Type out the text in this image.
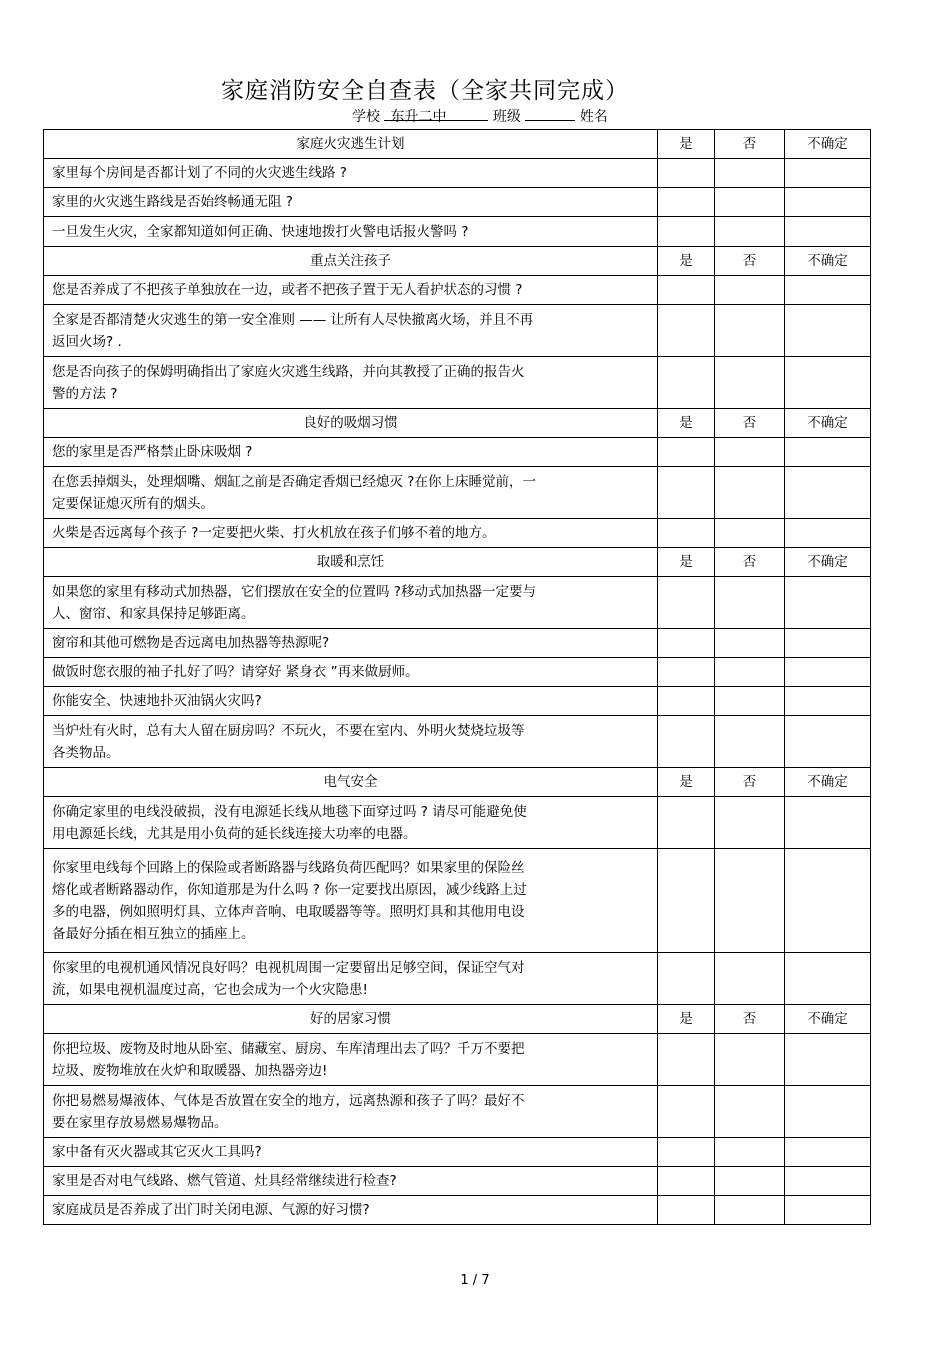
家庭消防安全自查表（全家共同完成）
学校 东升二中	班级	姓名
家庭火灾逃生计划	是	否	不确定
家里每个房间是否都计划了不同的火灾逃生线路 ?			
家里的火灾逃生路线是否始终畅通无阻 ?			
一旦发生火灾，全家都知道如何正确、快速地拨打火警电话报火警吗 ?			
重点关注孩子	是	否	不确定
您是否养成了不把孩子单独放在一边，或者不把孩子置于无人看护状态的习惯 ?			
全家是否都清楚火灾逃生的第一安全准则 —— 让所有人尽快撤离火场，并且不再
返回火场? .			
您是否向孩子的保姆明确指出了家庭火灾逃生线路，并向其教授了正确的报告火
警的方法 ?			
良好的吸烟习惯	是	否	不确定
您的家里是否严格禁止卧床吸烟 ?			
在您丢掉烟头，处理烟嘴、烟缸之前是否确定香烟已经熄灭 ?在你上床睡觉前，一
定要保证熄灭所有的烟头。			
火柴是否远离每个孩子 ?一定要把火柴、打火机放在孩子们够不着的地方。			
取暖和烹饪	是	否	不确定
如果您的家里有移动式加热器，它们摆放在安全的位置吗 ?移动式加热器一定要与
人、窗帘、和家具保持足够距离。			
窗帘和其他可燃物是否远离电加热器等热源呢?			
做饭时您衣服的袖子扎好了吗？请穿好 紧身衣 ”再来做厨师。			
你能安全、快速地扑灭油锅火灾吗?			
当炉灶有火时，总有大人留在厨房吗？不玩火，不要在室内、外明火焚烧垃圾等
各类物品。			
电气安全	是	否	不确定
你确定家里的电线没破损，没有电源延长线从地毯下面穿过吗 ? 请尽可能避免使
用电源延长线，尤其是用小负荷的延长线连接大功率的电器。			
你家里电线每个回路上的保险或者断路器与线路负荷匹配吗？如果家里的保险丝
熔化或者断路器动作，你知道那是为什么吗 ? 你一定要找出原因，减少线路上过
多的电器，例如照明灯具、立体声音响、电取暖器等等。照明灯具和其他用电设
备最好分插在相互独立的插座上。			
你家里的电视机通风情况良好吗？电视机周围一定要留出足够空间，保证空气对
流，如果电视机温度过高，它也会成为一个火灾隐患!			
好的居家习惯	是	否	不确定
你把垃圾、废物及时地从卧室、储藏室、厨房、车库清理出去了吗？千万不要把
垃圾、废物堆放在火炉和取暖器、加热器旁边!			
你把易燃易爆液体、气体是否放置在安全的地方，远离热源和孩子了吗？最好不
要在家里存放易燃易爆物品。			
家中备有灭火器或其它灭火工具吗?			
家里是否对电气线路、燃气管道、灶具经常继续进行检查?			
家庭成员是否养成了出门时关闭电源、气源的好习惯?			
1 / 7
